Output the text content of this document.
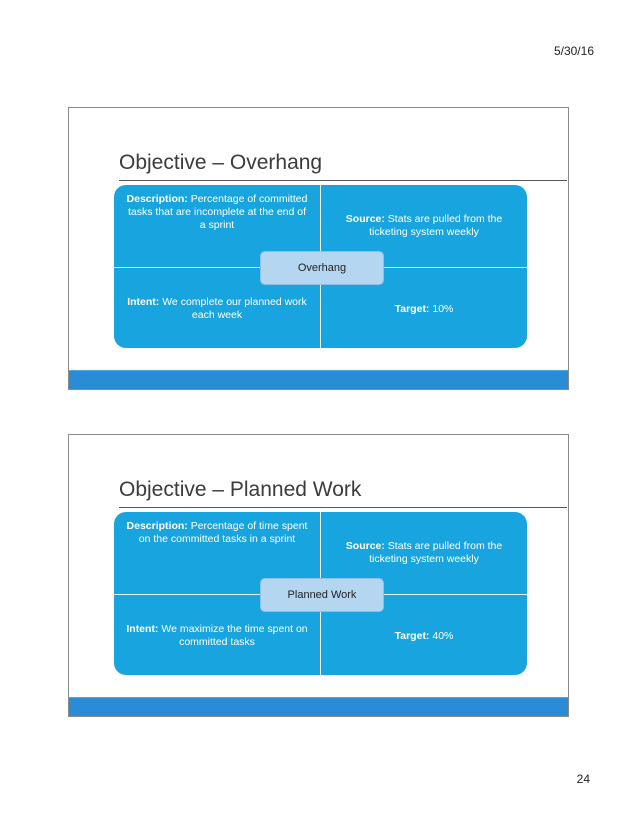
5/30/16
Objective – Overhang
Description: Percentage of committed tasks that are incomplete at the end of a sprint	Source: Stats are pulled from the ticketing system weekly
Intent: We complete our planned work each week
Target: 10%
Overhang
Objective – Planned Work
Description: Percentage of time spent on the committed tasks in a sprint
Source: Stats are pulled from the ticketing system weekly
Intent: We maximize the time spent on committed tasks
Target: 40%
Planned Work
24
